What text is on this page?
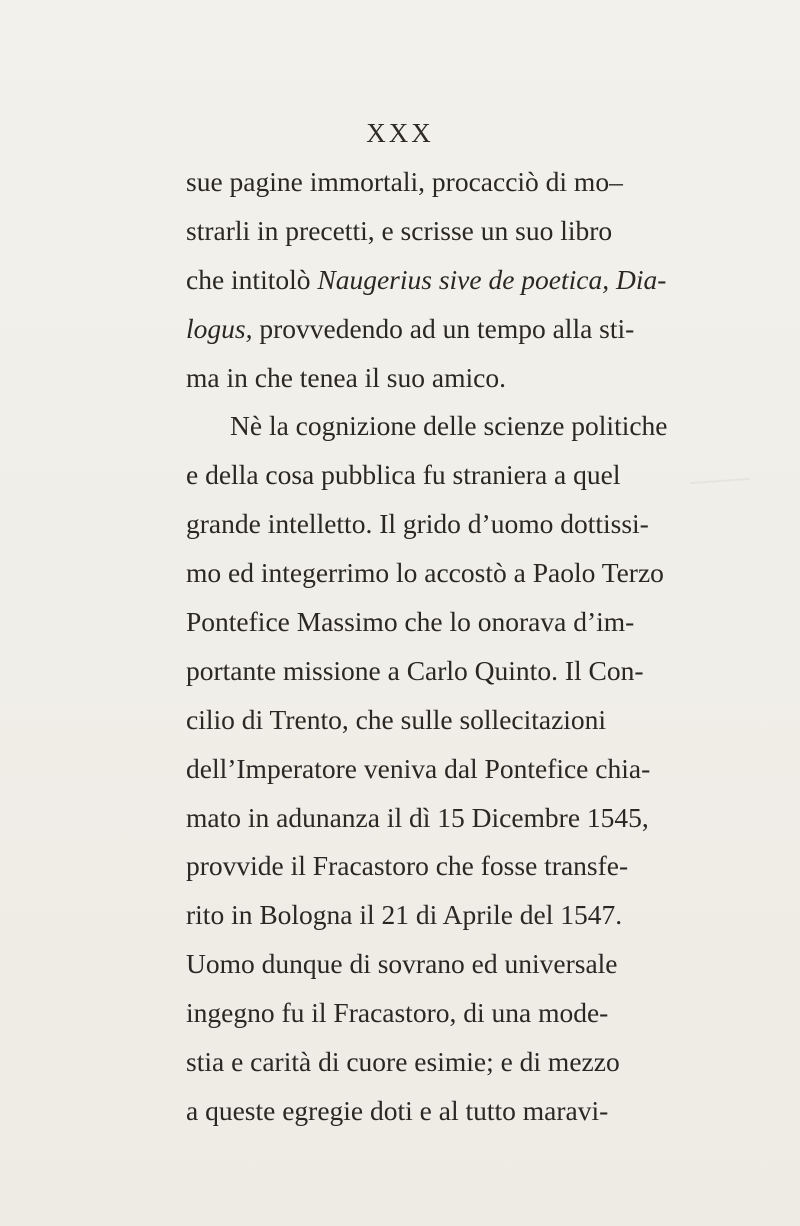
XXX
sue pagine immortali, procacciò di mo–
strarli in precetti, e scrisse un suo libro
che intitolò Naugerius sive de poetica, Dia-
logus, provvedendo ad un tempo alla sti-
ma in che tenea il suo amico.
Nè la cognizione delle scienze politiche
e della cosa pubblica fu straniera a quel
grande intelletto. Il grido d’uomo dottissi-
mo ed integerrimo lo accostò a Paolo Terzo
Pontefice Massimo che lo onorava d’im-
portante missione a Carlo Quinto. Il Con-
cilio di Trento, che sulle sollecitazioni
dell’Imperatore veniva dal Pontefice chia-
mato in adunanza il dì 15 Dicembre 1545,
provvide il Fracastoro che fosse transfe-
rito in Bologna il 21 di Aprile del 1547.
Uomo dunque di sovrano ed universale
ingegno fu il Fracastoro, di una mode-
stia e carità di cuore esimie; e di mezzo
a queste egregie doti e al tutto maravi-
